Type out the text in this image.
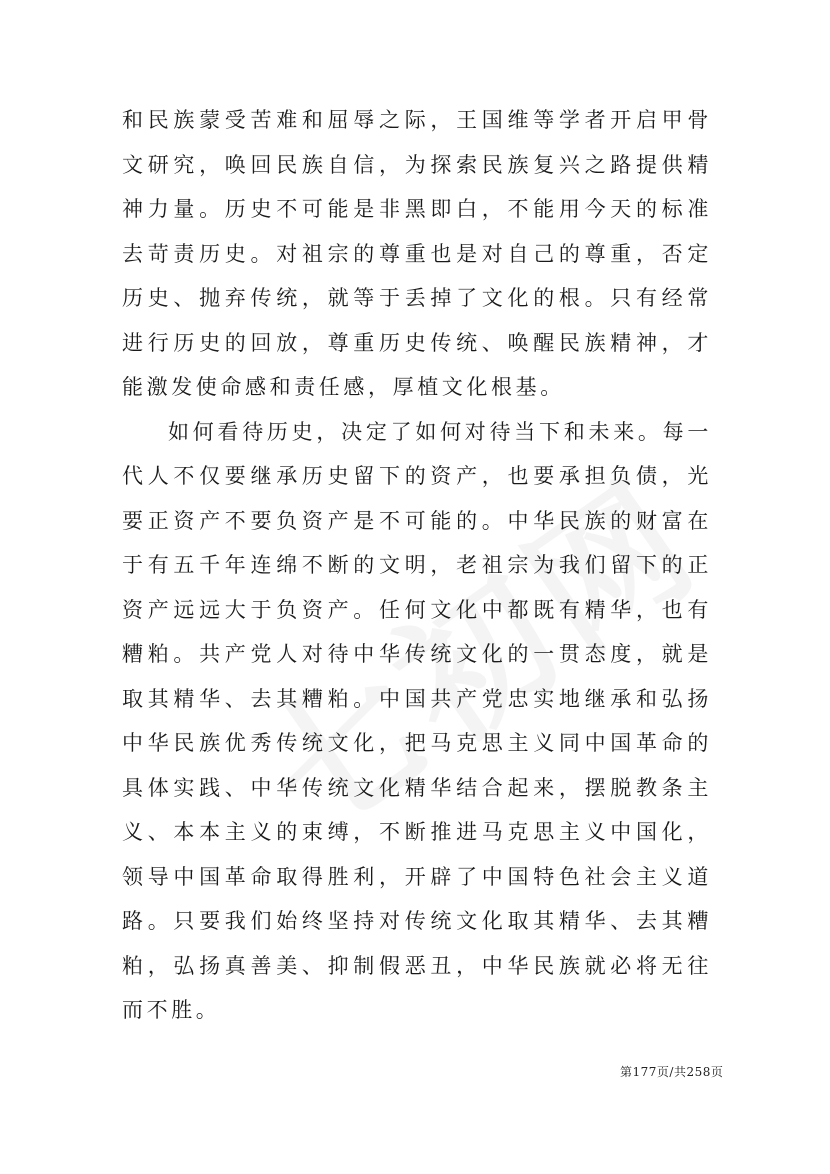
和民族蒙受苦难和屈辱之际，王国维等学者开启甲骨文研究，唤回民族自信，为探索民族复兴之路提供精神力量。历史不可能是非黑即白，不能用今天的标准去苛责历史。对祖宗的尊重也是对自己的尊重，否定历史、抛弃传统，就等于丢掉了文化的根。只有经常进行历史的回放，尊重历史传统、唤醒民族精神，才能激发使命感和责任感，厚植文化根基。

如何看待历史，决定了如何对待当下和未来。每一代人不仅要继承历史留下的资产，也要承担负债，光要正资产不要负资产是不可能的。中华民族的财富在于有五千年连绵不断的文明，老祖宗为我们留下的正资产远远大于负资产。任何文化中都既有精华，也有糟粕。共产党人对待中华传统文化的一贯态度，就是取其精华、去其糟粕。中国共产党忠实地继承和弘扬中华民族优秀传统文化，把马克思主义同中国革命的具体实践、中华传统文化精华结合起来，摆脱教条主义、本本主义的束缚，不断推进马克思主义中国化，领导中国革命取得胜利，开辟了中国特色社会主义道路。只要我们始终坚持对传统文化取其精华、去其糟粕，弘扬真善美、抑制假恶丑，中华民族就必将无往而不胜。

第177页/共258页
